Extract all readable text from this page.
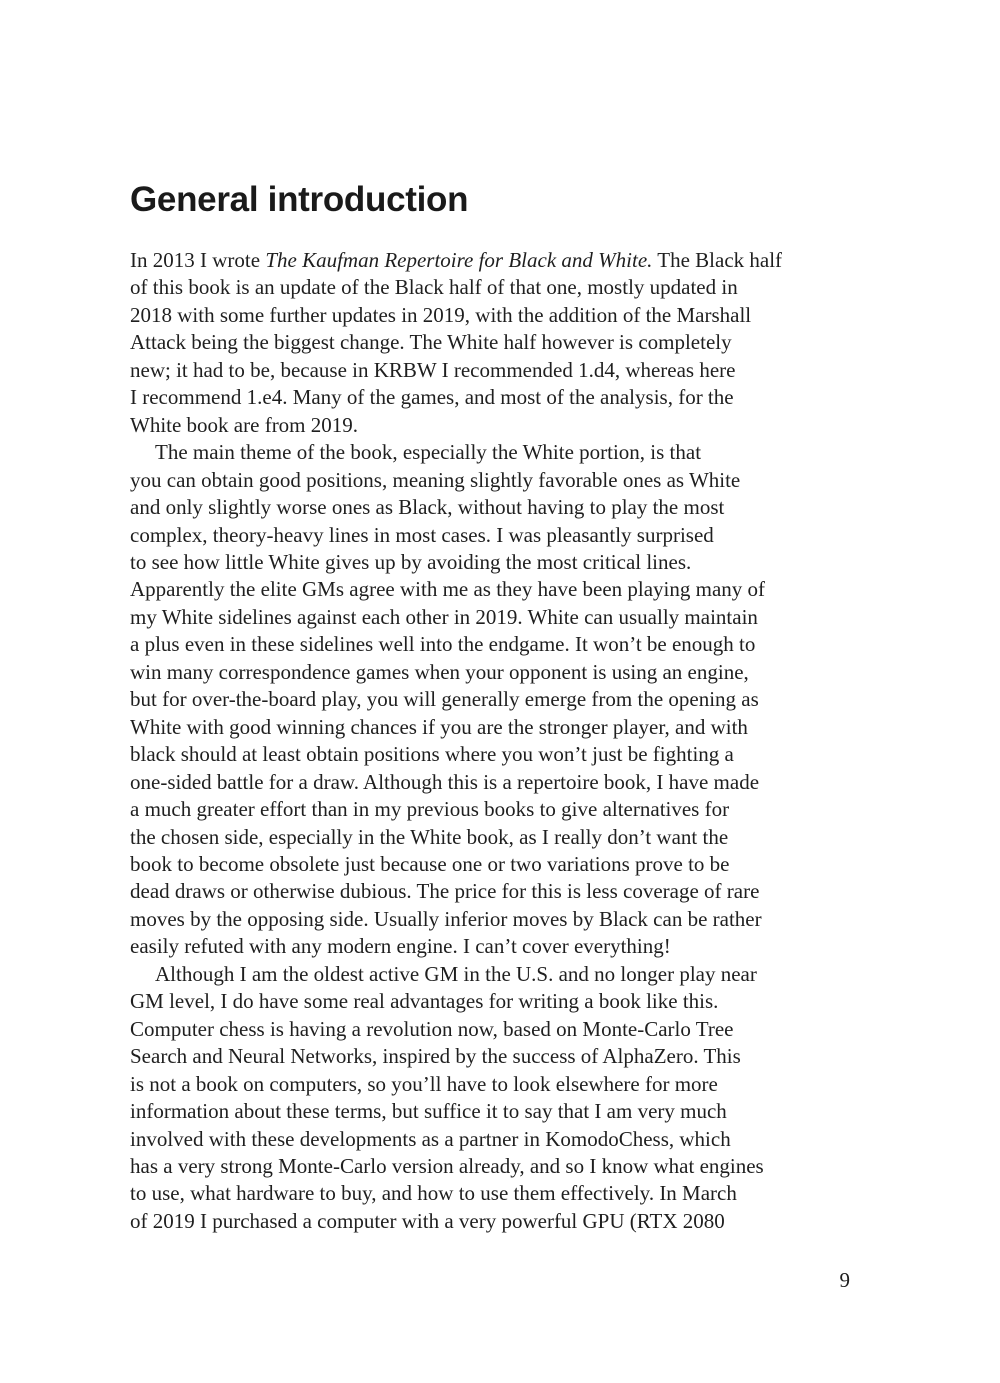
General introduction
In 2013 I wrote The Kaufman Repertoire for Black and White. The Black half
of this book is an update of the Black half of that one, mostly updated in
2018 with some further updates in 2019, with the addition of the Marshall
Attack being the biggest change. The White half however is completely
new; it had to be, because in KRBW I recommended 1.d4, whereas here
I recommend 1.e4. Many of the games, and most of the analysis, for the
White book are from 2019.
The main theme of the book, especially the White portion, is that
you can obtain good positions, meaning slightly favorable ones as White
and only slightly worse ones as Black, without having to play the most
complex, theory-heavy lines in most cases. I was pleasantly surprised
to see how little White gives up by avoiding the most critical lines.
Apparently the elite GMs agree with me as they have been playing many of
my White sidelines against each other in 2019. White can usually maintain
a plus even in these sidelines well into the endgame. It won’t be enough to
win many correspondence games when your opponent is using an engine,
but for over-the-board play, you will generally emerge from the opening as
White with good winning chances if you are the stronger player, and with
black should at least obtain positions where you won’t just be fighting a
one-sided battle for a draw. Although this is a repertoire book, I have made
a much greater effort than in my previous books to give alternatives for
the chosen side, especially in the White book, as I really don’t want the
book to become obsolete just because one or two variations prove to be
dead draws or otherwise dubious. The price for this is less coverage of rare
moves by the opposing side. Usually inferior moves by Black can be rather
easily refuted with any modern engine. I can’t cover everything!
Although I am the oldest active GM in the U.S. and no longer play near
GM level, I do have some real advantages for writing a book like this.
Computer chess is having a revolution now, based on Monte-Carlo Tree
Search and Neural Networks, inspired by the success of AlphaZero. This
is not a book on computers, so you’ll have to look elsewhere for more
information about these terms, but suffice it to say that I am very much
involved with these developments as a partner in KomodoChess, which
has a very strong Monte-Carlo version already, and so I know what engines
to use, what hardware to buy, and how to use them effectively. In March
of 2019 I purchased a computer with a very powerful GPU (RTX 2080
9
